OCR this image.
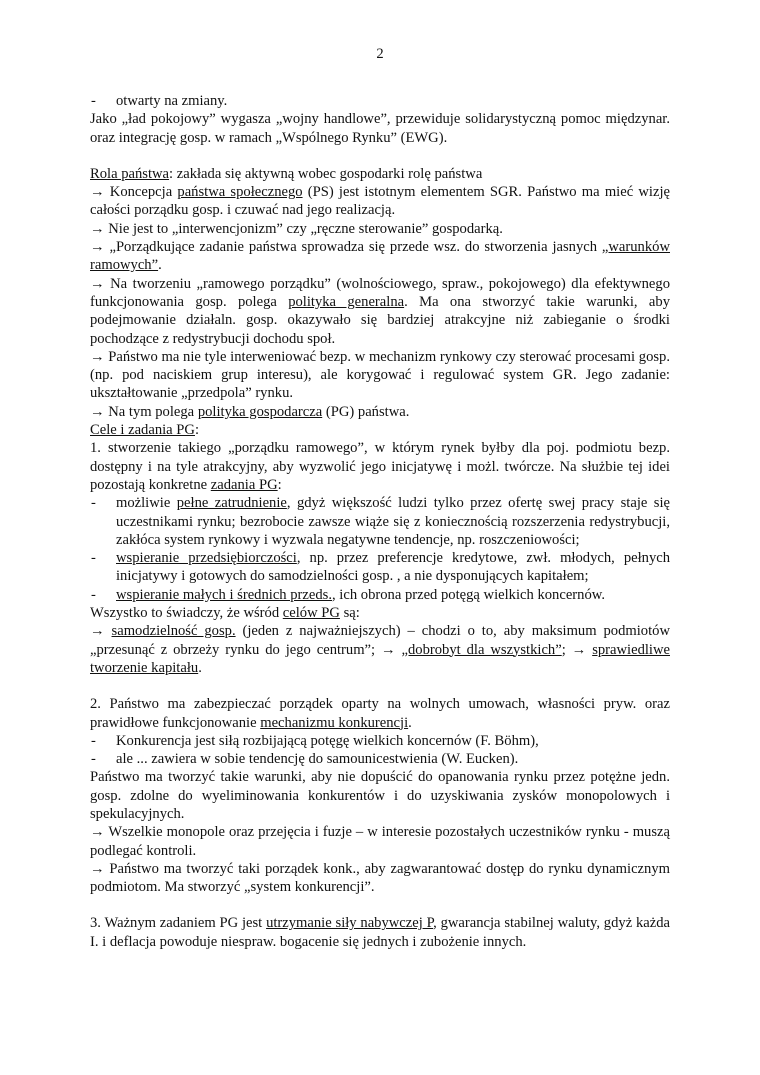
2

- otwarty na zmiany.

Jako „ład pokojowy” wygasza „wojny handlowe”, przewiduje solidarystyczną pomoc międzynar. oraz integrację gosp. w ramach „Wspólnego Rynku” (EWG).

Rola państwa: zakłada się aktywną wobec gospodarki rolę państwa

→ Koncepcja państwa społecznego (PS) jest istotnym elementem SGR. Państwo ma mieć wizję całości porządku gosp. i czuwać nad jego realizacją.

→ Nie jest to „interwencjonizm” czy „ręczne sterowanie” gospodarką.

→ „Porządkujące zadanie państwa sprowadza się przede wsz. do stworzenia jasnych „warunków ramowych”.

→ Na tworzeniu „ramowego porządku” (wolnościowego, spraw., pokojowego) dla efektywnego funkcjonowania gosp. polega polityka generalna. Ma ona stworzyć takie warunki, aby podejmowanie działaln. gosp. okazywało się bardziej atrakcyjne niż zabieganie o środki pochodzące z redystrybucji dochodu społ.

→ Państwo ma nie tyle interweniować bezp. w mechanizm rynkowy czy sterować procesami gosp. (np. pod naciskiem grup interesu), ale korygować i regulować system GR. Jego zadanie: ukształtowanie „przedpola” rynku.

→ Na tym polega polityka gospodarcza (PG) państwa.

Cele i zadania PG:

1. stworzenie takiego „porządku ramowego”, w którym rynek byłby dla poj. podmiotu bezp. dostępny i na tyle atrakcyjny, aby wyzwolić jego inicjatywę i możl. twórcze. Na służbie tej idei pozostają konkretne zadania PG:

- możliwie pełne zatrudnienie, gdyż większość ludzi tylko przez ofertę swej pracy staje się uczestnikami rynku; bezrobocie zawsze wiąże się z koniecznością rozszerzenia redystrybucji, zakłóca system rynkowy i wyzwala negatywne tendencje, np. roszczeniowości;

- wspieranie przedsiębiorczości, np. przez preferencje kredytowe, zwł. młodych, pełnych inicjatywy i gotowych do samodzielności gosp. , a nie dysponujących kapitałem;

- wspieranie małych i średnich przeds., ich obrona przed potęgą wielkich koncernów.

Wszystko to świadczy, że wśród celów PG są:

→ samodzielność gosp. (jeden z najważniejszych) – chodzi o to, aby maksimum podmiotów „przesunąć z obrzeży rynku do jego centrum”; → „dobrobyt dla wszystkich”; → sprawiedliwe tworzenie kapitału.

2. Państwo ma zabezpieczać porządek oparty na wolnych umowach, własności pryw. oraz prawidłowe funkcjonowanie mechanizmu konkurencji.

- Konkurencja jest siłą rozbijającą potęgę wielkich koncernów (F. Böhm),

- ale ... zawiera w sobie tendencję do samounicestwienia (W. Eucken).

Państwo ma tworzyć takie warunki, aby nie dopuścić do opanowania rynku przez potężne jedn. gosp. zdolne do wyeliminowania konkurentów i do uzyskiwania zysków monopolowych i spekulacyjnych.

→ Wszelkie monopole oraz przejęcia i fuzje – w interesie pozostałych uczestników rynku - muszą podlegać kontroli.

→ Państwo ma tworzyć taki porządek konk., aby zagwarantować dostęp do rynku dynamicznym podmiotom. Ma stworzyć „system konkurencji”.

3. Ważnym zadaniem PG jest utrzymanie siły nabywczej P, gwarancja stabilnej waluty, gdyż każda I. i deflacja powoduje niespraw. bogacenie się jednych i zubożenie innych.
